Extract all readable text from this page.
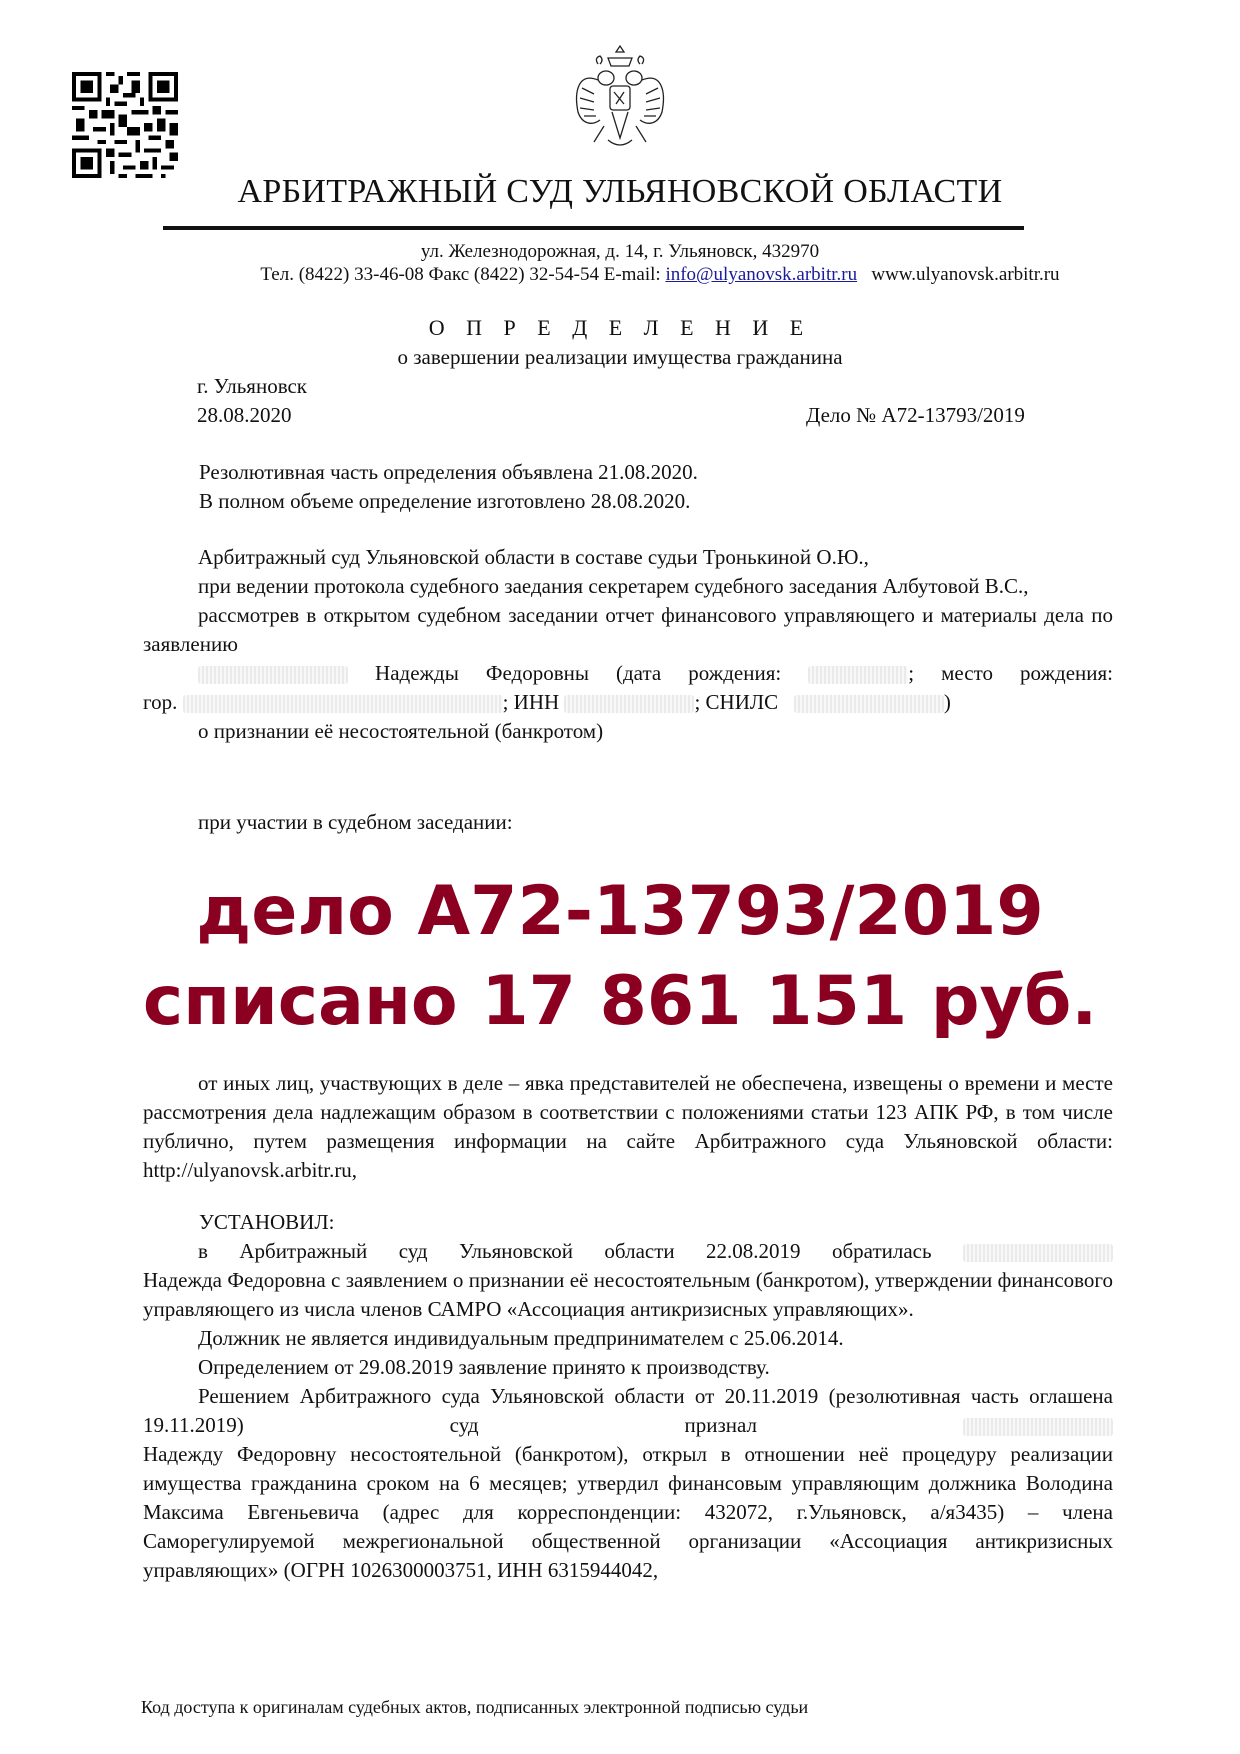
АРБИТРАЖНЫЙ СУД УЛЬЯНОВСКОЙ ОБЛАСТИ
ул. Железнодорожная, д. 14, г. Ульяновск, 432970
Тел. (8422) 33-46-08 Факс (8422) 32-54-54 E-mail: info@ulyanovsk.arbitr.ru www.ulyanovsk.arbitr.ru
О П Р Е Д Е Л Е Н И Е
о завершении реализации имущества гражданина
г. Ульяновск
28.08.2020	Дело № А72-13793/2019
Резолютивная часть определения объявлена 21.08.2020.
В полном объеме определение изготовлено 28.08.2020.
Арбитражный суд Ульяновской области в составе судьи Тронькиной О.Ю.,
при ведении протокола судебного заедания секретарем судебного заседания Албутовой В.С.,
рассмотрев в открытом судебном заседании отчет финансового управляющего и материалы дела по заявлению
Надежды Федоровны (дата рождения:	; место рождения:
гор.	; ИНН	; СНИЛС	)
о признании её несостоятельной (банкротом)
при участии в судебном заседании:
дело А72-13793/2019
списано 17 861 151 руб.
от иных лиц, участвующих в деле – явка представителей не обеспечена, извещены о времени и месте рассмотрения дела надлежащим образом в соответствии с положениями статьи 123 АПК РФ, в том числе публично, путем размещения информации на сайте Арбитражного суда Ульяновской области: http://ulyanovsk.arbitr.ru,
УСТАНОВИЛ:
в Арбитражный суд Ульяновской области 22.08.2019 обратилась
Надежда Федоровна с заявлением о признании её несостоятельным (банкротом), утверждении финансового управляющего из числа членов САМРО «Ассоциация антикризисных управляющих».
Должник не является индивидуальным предпринимателем с 25.06.2014.
Определением от 29.08.2019 заявление принято к производству.
Решением Арбитражного суда Ульяновской области от 20.11.2019 (резолютивная часть оглашена 19.11.2019) суд признал
Надежду Федоровну несостоятельной (банкротом), открыл в отношении неё процедуру реализации имущества гражданина сроком на 6 месяцев; утвердил финансовым управляющим должника Володина Максима Евгеньевича (адрес для корреспонденции: 432072, г.Ульяновск, а/я3435) – члена Саморегулируемой межрегиональной общественной организации «Ассоциация антикризисных управляющих» (ОГРН 1026300003751, ИНН 6315944042,
Код доступа к оригиналам судебных актов, подписанных электронной подписью судьи
